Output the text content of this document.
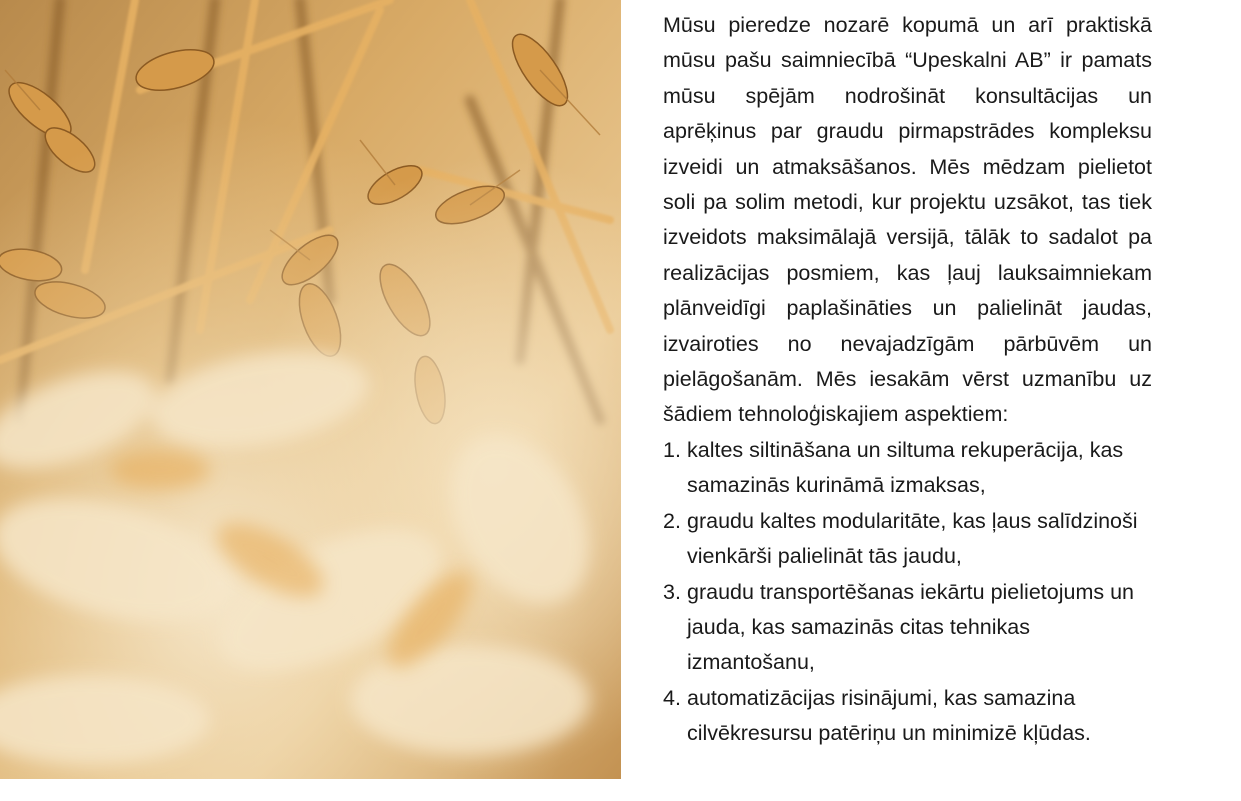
Mūsu pieredze nozarē kopumā un arī praktiskā mūsu pašu saimniecībā “Upeskalni AB” ir pamats mūsu spējām nodrošināt konsultācijas un aprēķinus par graudu pirmapstrādes kompleksu izveidi un atmaksāšanos. Mēs mēdzam pielietot soli pa solim metodi, kur projektu uzsākot, tas tiek izveidots maksimālajā versijā, tālāk to sadalot pa realizācijas posmiem, kas ļauj lauksaimniekam plānveidīgi paplašināties un palielināt jaudas, izvairoties no nevajadzīgām pārbūvēm un pielāgošanām. Mēs iesakām vērst uzmanību uz šādiem tehnoloģiskajiem aspektiem:

1. kaltes siltināšana un siltuma rekuperācija, kas samazinās kurināmā izmaksas,
2. graudu kaltes modularitāte, kas ļaus salīdzinoši vienkārši palielināt tās jaudu,
3. graudu transportēšanas iekārtu pielietojums un jauda, kas samazinās citas tehnikas izmantošanu,
4. automatizācijas risinājumi, kas samazina cilvēkresursu patēriņu un minimizē kļūdas.
